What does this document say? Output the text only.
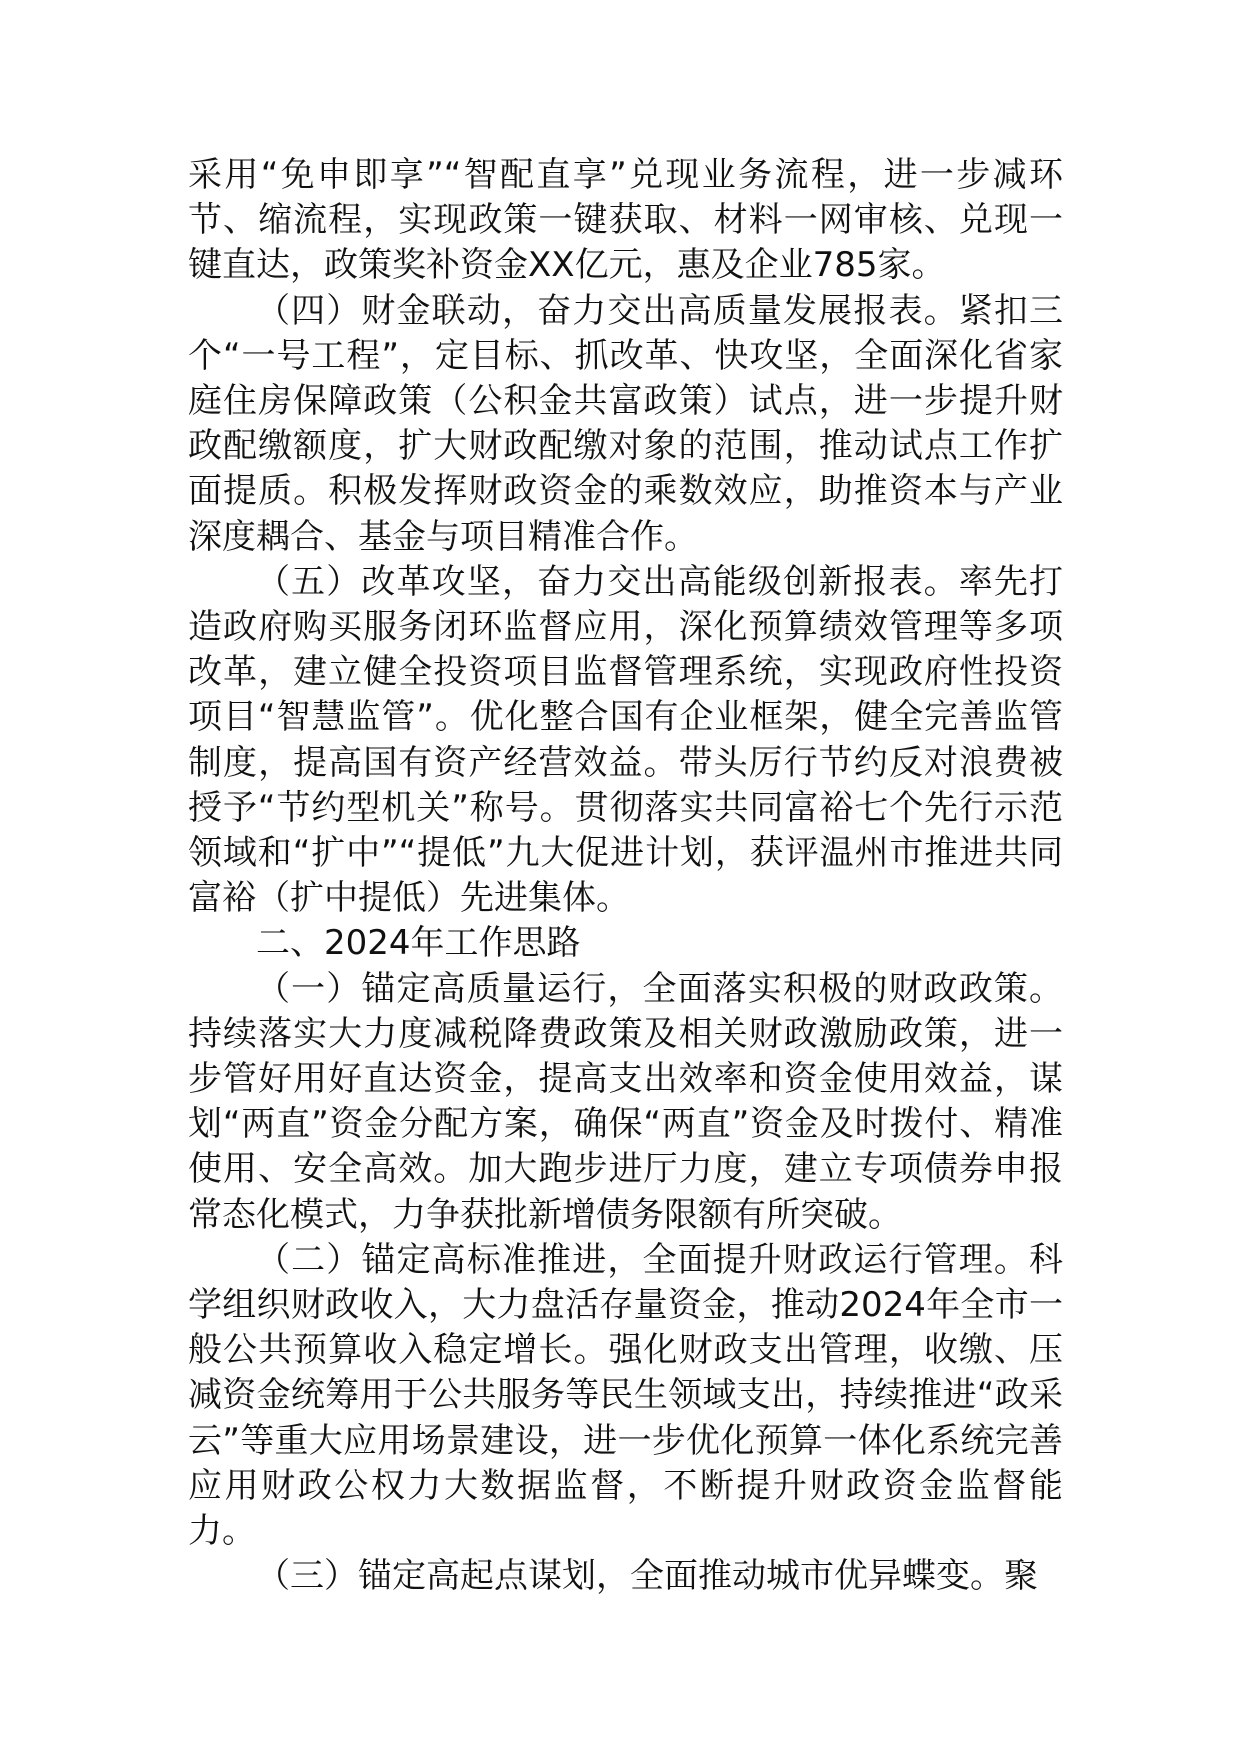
采用“免申即享”“智配直享”兑现业务流程，进一步减环节、缩流程，实现政策一键获取、材料一网审核、兑现一键直达，政策奖补资金XX亿元，惠及企业785家。

（四）财金联动，奋力交出高质量发展报表。紧扣三个“一号工程”，定目标、抓改革、快攻坚，全面深化省家庭住房保障政策（公积金共富政策）试点，进一步提升财政配缴额度，扩大财政配缴对象的范围，推动试点工作扩面提质。积极发挥财政资金的乘数效应，助推资本与产业深度耦合、基金与项目精准合作。

（五）改革攻坚，奋力交出高能级创新报表。率先打造政府购买服务闭环监督应用，深化预算绩效管理等多项改革，建立健全投资项目监督管理系统，实现政府性投资项目“智慧监管”。优化整合国有企业框架，健全完善监管制度，提高国有资产经营效益。带头厉行节约反对浪费被授予“节约型机关”称号。贯彻落实共同富裕七个先行示范领域和“扩中”“提低”九大促进计划，获评温州市推进共同富裕（扩中提低）先进集体。

二、2024年工作思路

（一）锚定高质量运行，全面落实积极的财政政策。持续落实大力度减税降费政策及相关财政激励政策，进一步管好用好直达资金，提高支出效率和资金使用效益，谋划“两直”资金分配方案，确保“两直”资金及时拨付、精准使用、安全高效。加大跑步进厅力度，建立专项债券申报常态化模式，力争获批新增债务限额有所突破。

（二）锚定高标准推进，全面提升财政运行管理。科学组织财政收入，大力盘活存量资金，推动2024年全市一般公共预算收入稳定增长。强化财政支出管理，收缴、压减资金统筹用于公共服务等民生领域支出，持续推进“政采云”等重大应用场景建设，进一步优化预算一体化系统完善应用财政公权力大数据监督，不断提升财政资金监督能力。

（三）锚定高起点谋划，全面推动城市优异蝶变。聚
